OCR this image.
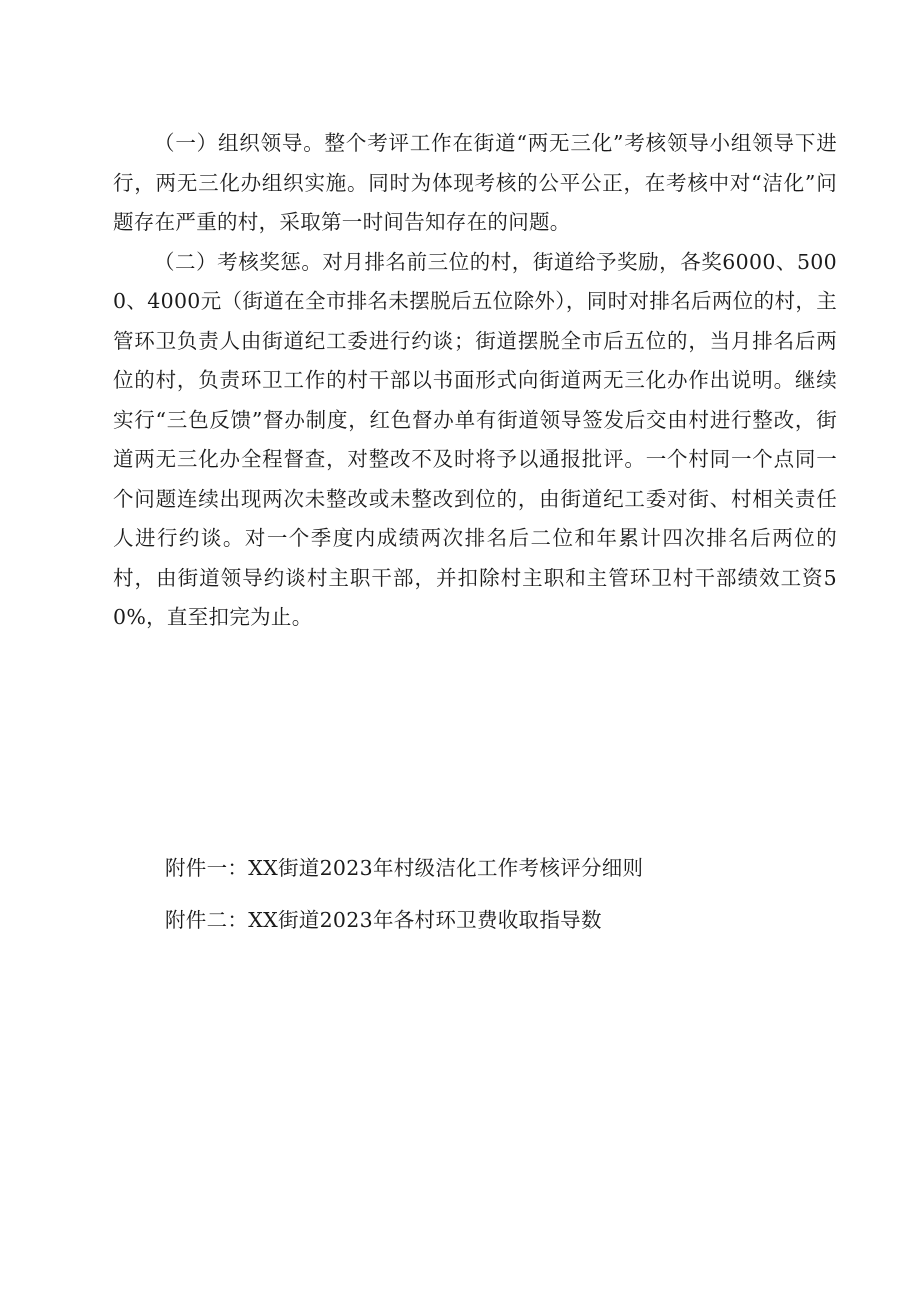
（一）组织领导。整个考评工作在街道“两无三化”考核领导小组领导下进行，两无三化办组织实施。同时为体现考核的公平公正，在考核中对“洁化”问题存在严重的村，采取第一时间告知存在的问题。

（二）考核奖惩。对月排名前三位的村，街道给予奖励，各奖6000、5000、4000元（街道在全市排名未摆脱后五位除外），同时对排名后两位的村，主管环卫负责人由街道纪工委进行约谈；街道摆脱全市后五位的，当月排名后两位的村，负责环卫工作的村干部以书面形式向街道两无三化办作出说明。继续实行“三色反馈”督办制度，红色督办单有街道领导签发后交由村进行整改，街道两无三化办全程督查，对整改不及时将予以通报批评。一个村同一个点同一个问题连续出现两次未整改或未整改到位的，由街道纪工委对街、村相关责任人进行约谈。对一个季度内成绩两次排名后二位和年累计四次排名后两位的村，由街道领导约谈村主职干部，并扣除村主职和主管环卫村干部绩效工资50%，直至扣完为止。

附件一：XX街道2023年村级洁化工作考核评分细则

附件二：XX街道2023年各村环卫费收取指导数
